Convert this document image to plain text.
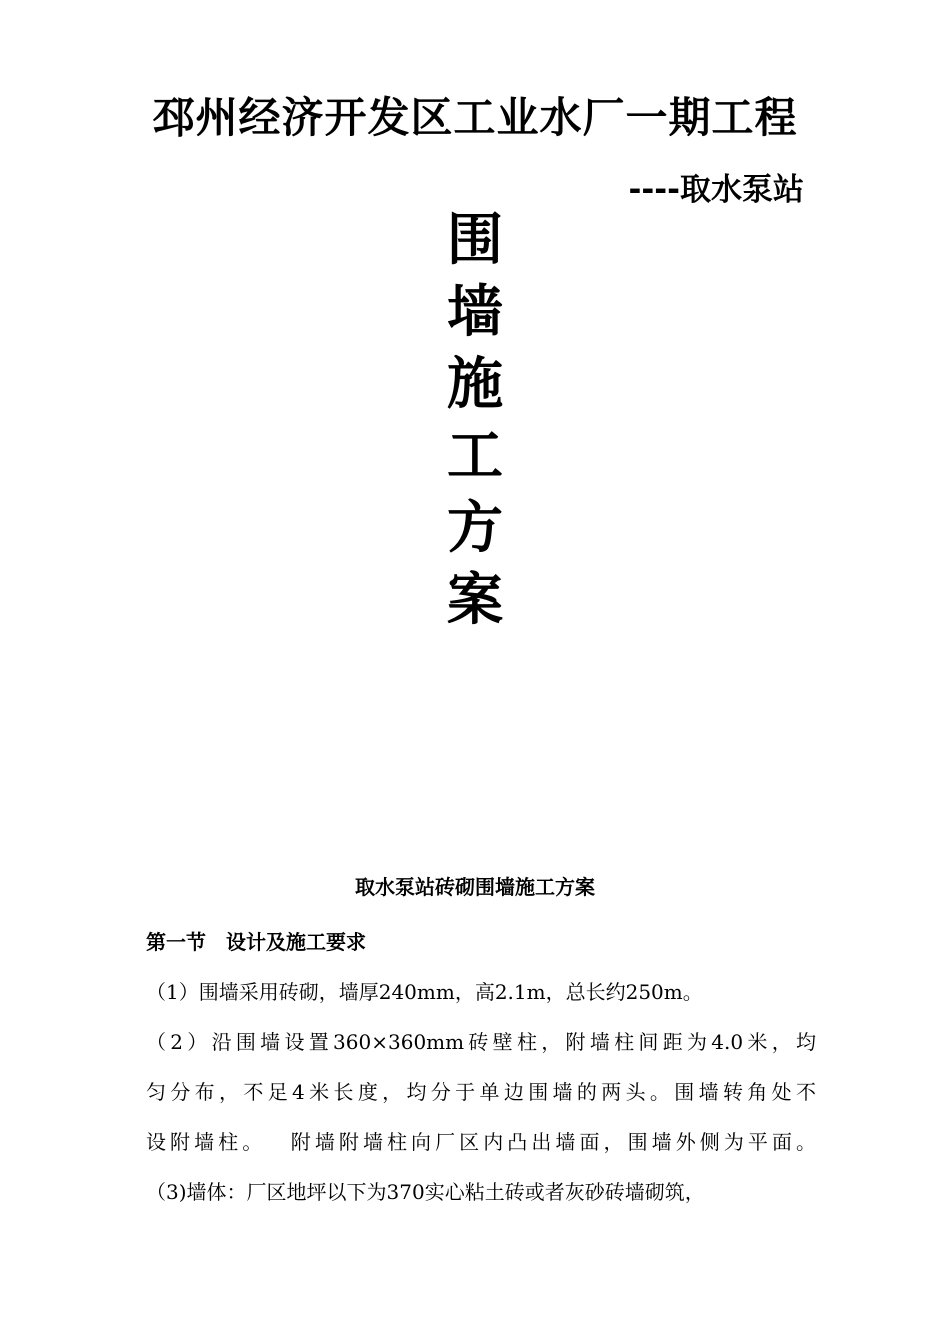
邳州经济开发区工业水厂一期工程
----取水泵站
围
墙
施
工
方
案
取水泵站砖砌围墙施工方案
第一节　设计及施工要求
（1）围墙采用砖砌，墙厚240mm，高2.1m，总长约250m。
（2）沿围墙设置360×360mm砖壁柱，附墙柱间距为4.0米，均
匀分布，不足4米长度，均分于单边围墙的两头。围墙转角处不
设附墙柱。　 附墙附墙柱向厂区内凸出墙面，围墙外侧为平面。
（3)墙体：厂区地坪以下为370实心粘土砖或者灰砂砖墙砌筑，
